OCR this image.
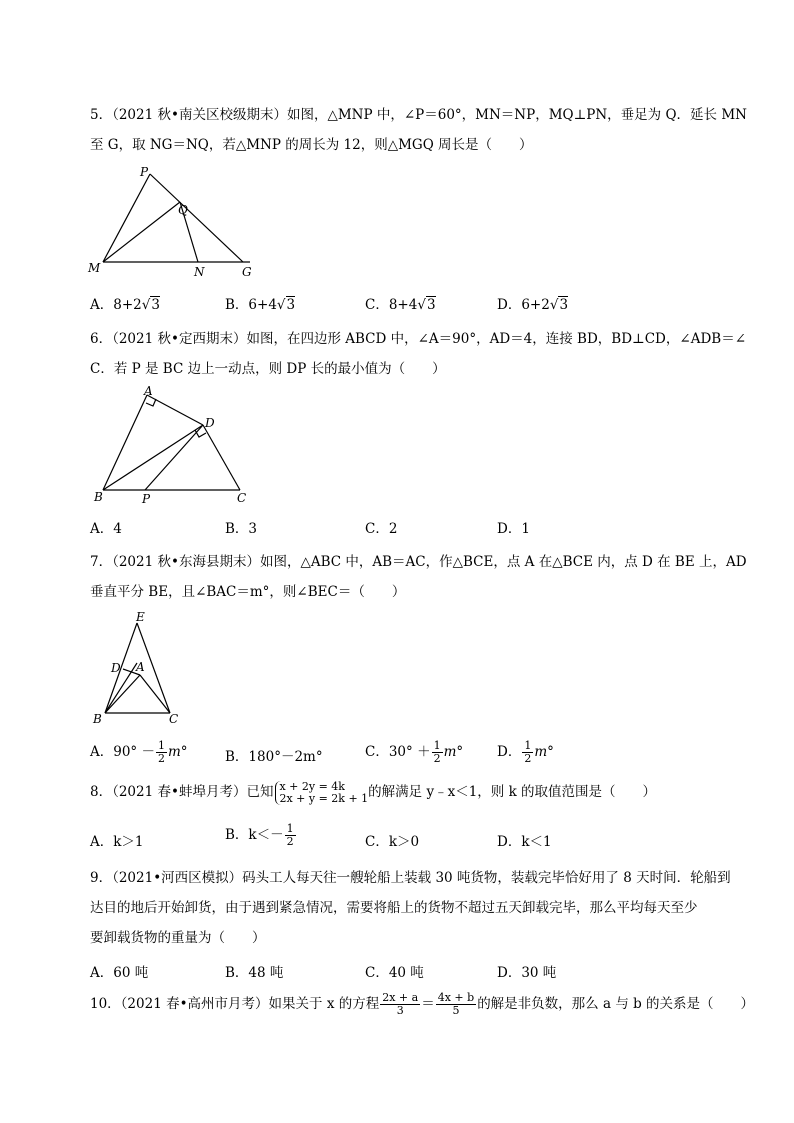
5．（2021 秋•南关区校级期末）如图，△MNP 中，∠P＝60°，MN＝NP，MQ⊥PN，垂足为 Q．延长 MN
至 G，取 NG＝NQ，若△MNP 的周长为 12，则△MGQ 周长是（　　）
P
Q
M	N	G
A．8+2√3	B．6+4√3	C．8+4√3	D．6+2√3
6．（2021 秋•定西期末）如图，在四边形 ABCD 中，∠A＝90°，AD＝4，连接 BD，BD⊥CD，∠ADB＝∠
C．若 P 是 BC 边上一动点，则 DP 长的最小值为（　　）
A
D
B	P	C
A．4	B．3	C．2	D．1
7．（2021 秋•东海县期末）如图，△ABC 中，AB＝AC，作△BCE，点 A 在△BCE 内，点 D 在 BE 上，AD
垂直平分 BE，且∠BAC＝m°，则∠BEC＝（　　）
E
D A
B	C
A．$90^\circ - \frac{1}{2} m^\circ$	B．180°－2m°	C．$30^\circ + \frac{1}{2} m^\circ$	D． $\frac{1}{2} m^\circ$
8．（2021 春•蚌埠月考）已知 x + 2y = 4k
2x + y = 2k + 1 的解满足 y﹣x＜1，则 k 的取值范围是（　　）
A．k＞1	B．$k<- \frac{1}{2}$	C．k＞0	D．k＜1
9．（2021•河西区模拟）码头工人每天往一艘轮船上装载 30 吨货物，装载完毕恰好用了 8 天时间．轮船到
达目的地后开始卸货，由于遇到紧急情况，需要将船上的货物不超过五天卸载完毕，那么平均每天至少
要卸载货物的重量为（　　）
A．60 吨	B．48 吨	C．40 吨	D．30 吨
10．（2021 春•高州市月考）如果关于 x 的方程 $\frac{2x + a}{3} = \frac{4x + b}{5}$ 的解是非负数，那么 a 与 b 的关系是（　　）
